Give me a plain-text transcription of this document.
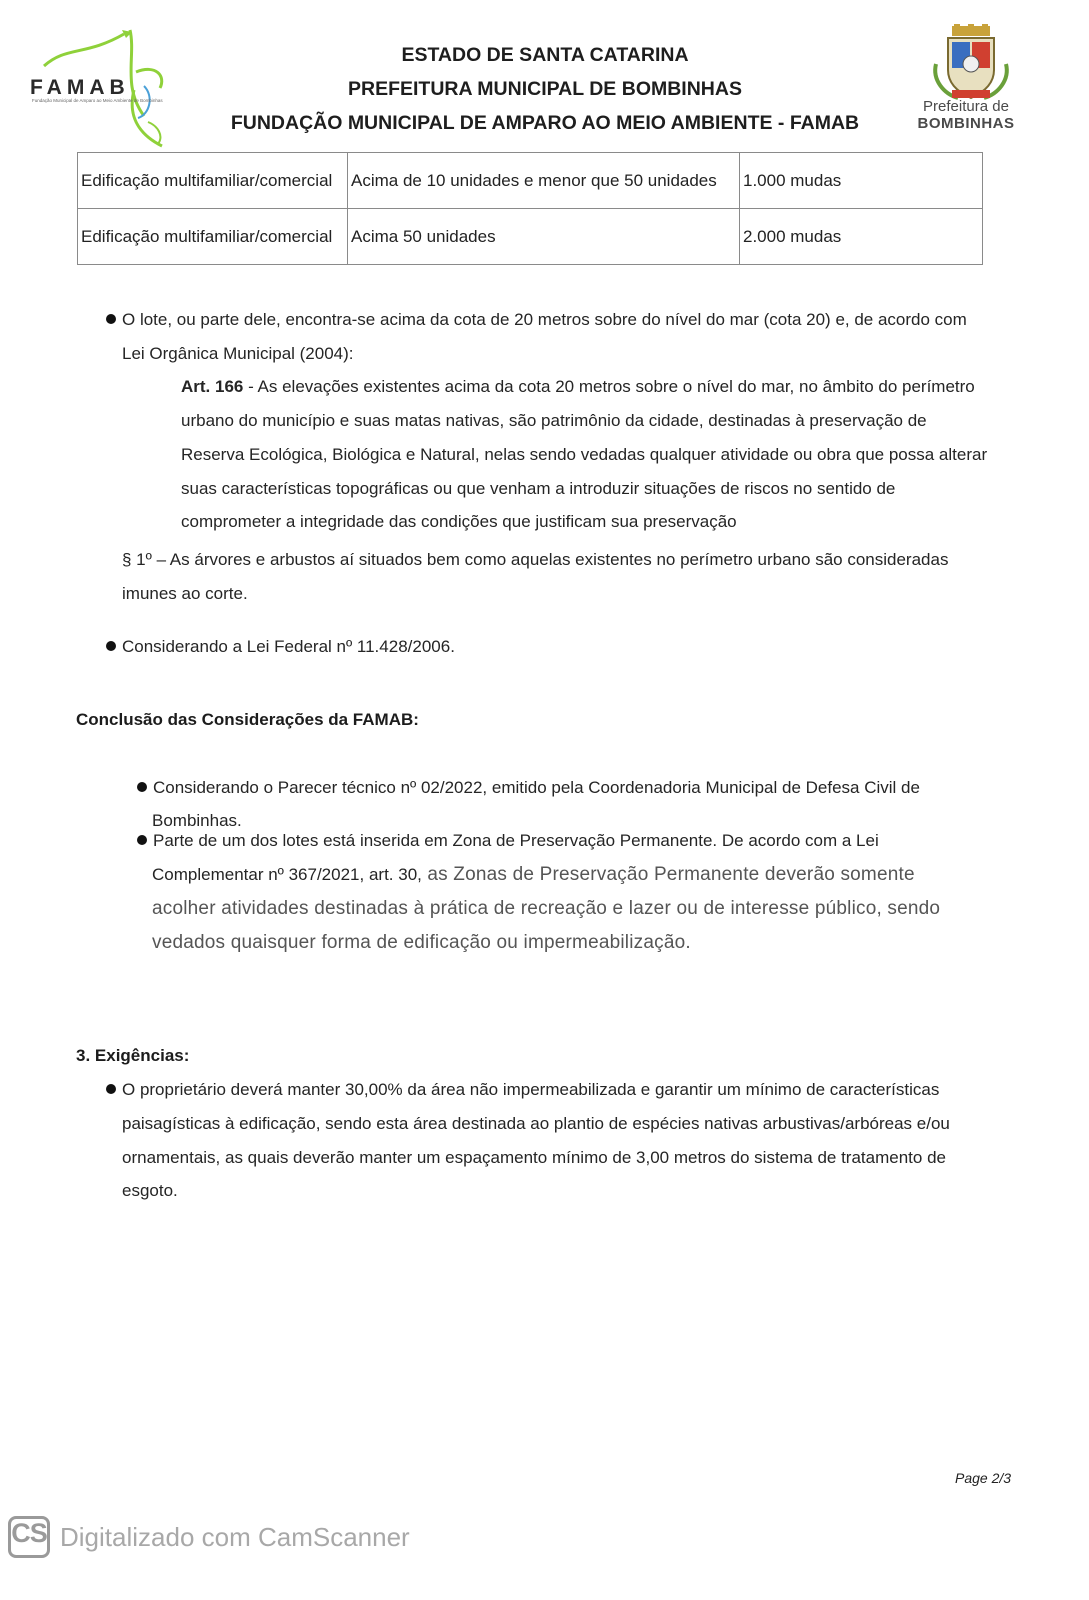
FAMAB
Fundação Municipal de Amparo ao Meio Ambiente de Bombinhas
ESTADO DE SANTA CATARINA
PREFEITURA MUNICIPAL DE BOMBINHAS
FUNDAÇÃO MUNICIPAL DE AMPARO AO MEIO AMBIENTE - FAMAB
Prefeitura de
BOMBINHAS
Edificação multifamiliar/comercial	Acima de 10 unidades e menor que 50 unidades	1.000 mudas
Edificação multifamiliar/comercial	Acima 50 unidades	2.000 mudas
O lote, ou parte dele, encontra-se acima da cota de 20 metros sobre do nível do mar (cota 20) e, de acordo com
Lei Orgânica Municipal (2004):
Art. 166 - As elevações existentes acima da cota 20 metros sobre o nível do mar, no âmbito do perímetro
urbano do município e suas matas nativas, são patrimônio da cidade, destinadas à preservação de
Reserva Ecológica, Biológica e Natural, nelas sendo vedadas qualquer atividade ou obra que possa alterar
suas características topográficas ou que venham a introduzir situações de riscos no sentido de
comprometer a integridade das condições que justificam sua preservação
§ 1º – As árvores e arbustos aí situados bem como aquelas existentes no perímetro urbano são consideradas
imunes ao corte.
Considerando a Lei Federal nº 11.428/2006.
Conclusão das Considerações da FAMAB:
Considerando o Parecer técnico nº 02/2022, emitido pela Coordenadoria Municipal de Defesa Civil de
Bombinhas.
Parte de um dos lotes está inserida em Zona de Preservação Permanente. De acordo com a Lei
Complementar nº 367/2021, art. 30, as Zonas de Preservação Permanente deverão somente
acolher atividades destinadas à prática de recreação e lazer ou de interesse público, sendo
vedados quaisquer forma de edificação ou impermeabilização.
3. Exigências:
O proprietário deverá manter 30,00% da área não impermeabilizada e garantir um mínimo de características
paisagísticas à edificação, sendo esta área destinada ao plantio de espécies nativas arbustivas/arbóreas e/ou
ornamentais, as quais deverão manter um espaçamento mínimo de 3,00 metros do sistema de tratamento de
esgoto.
Page 2/3
CS Digitalizado com CamScanner
